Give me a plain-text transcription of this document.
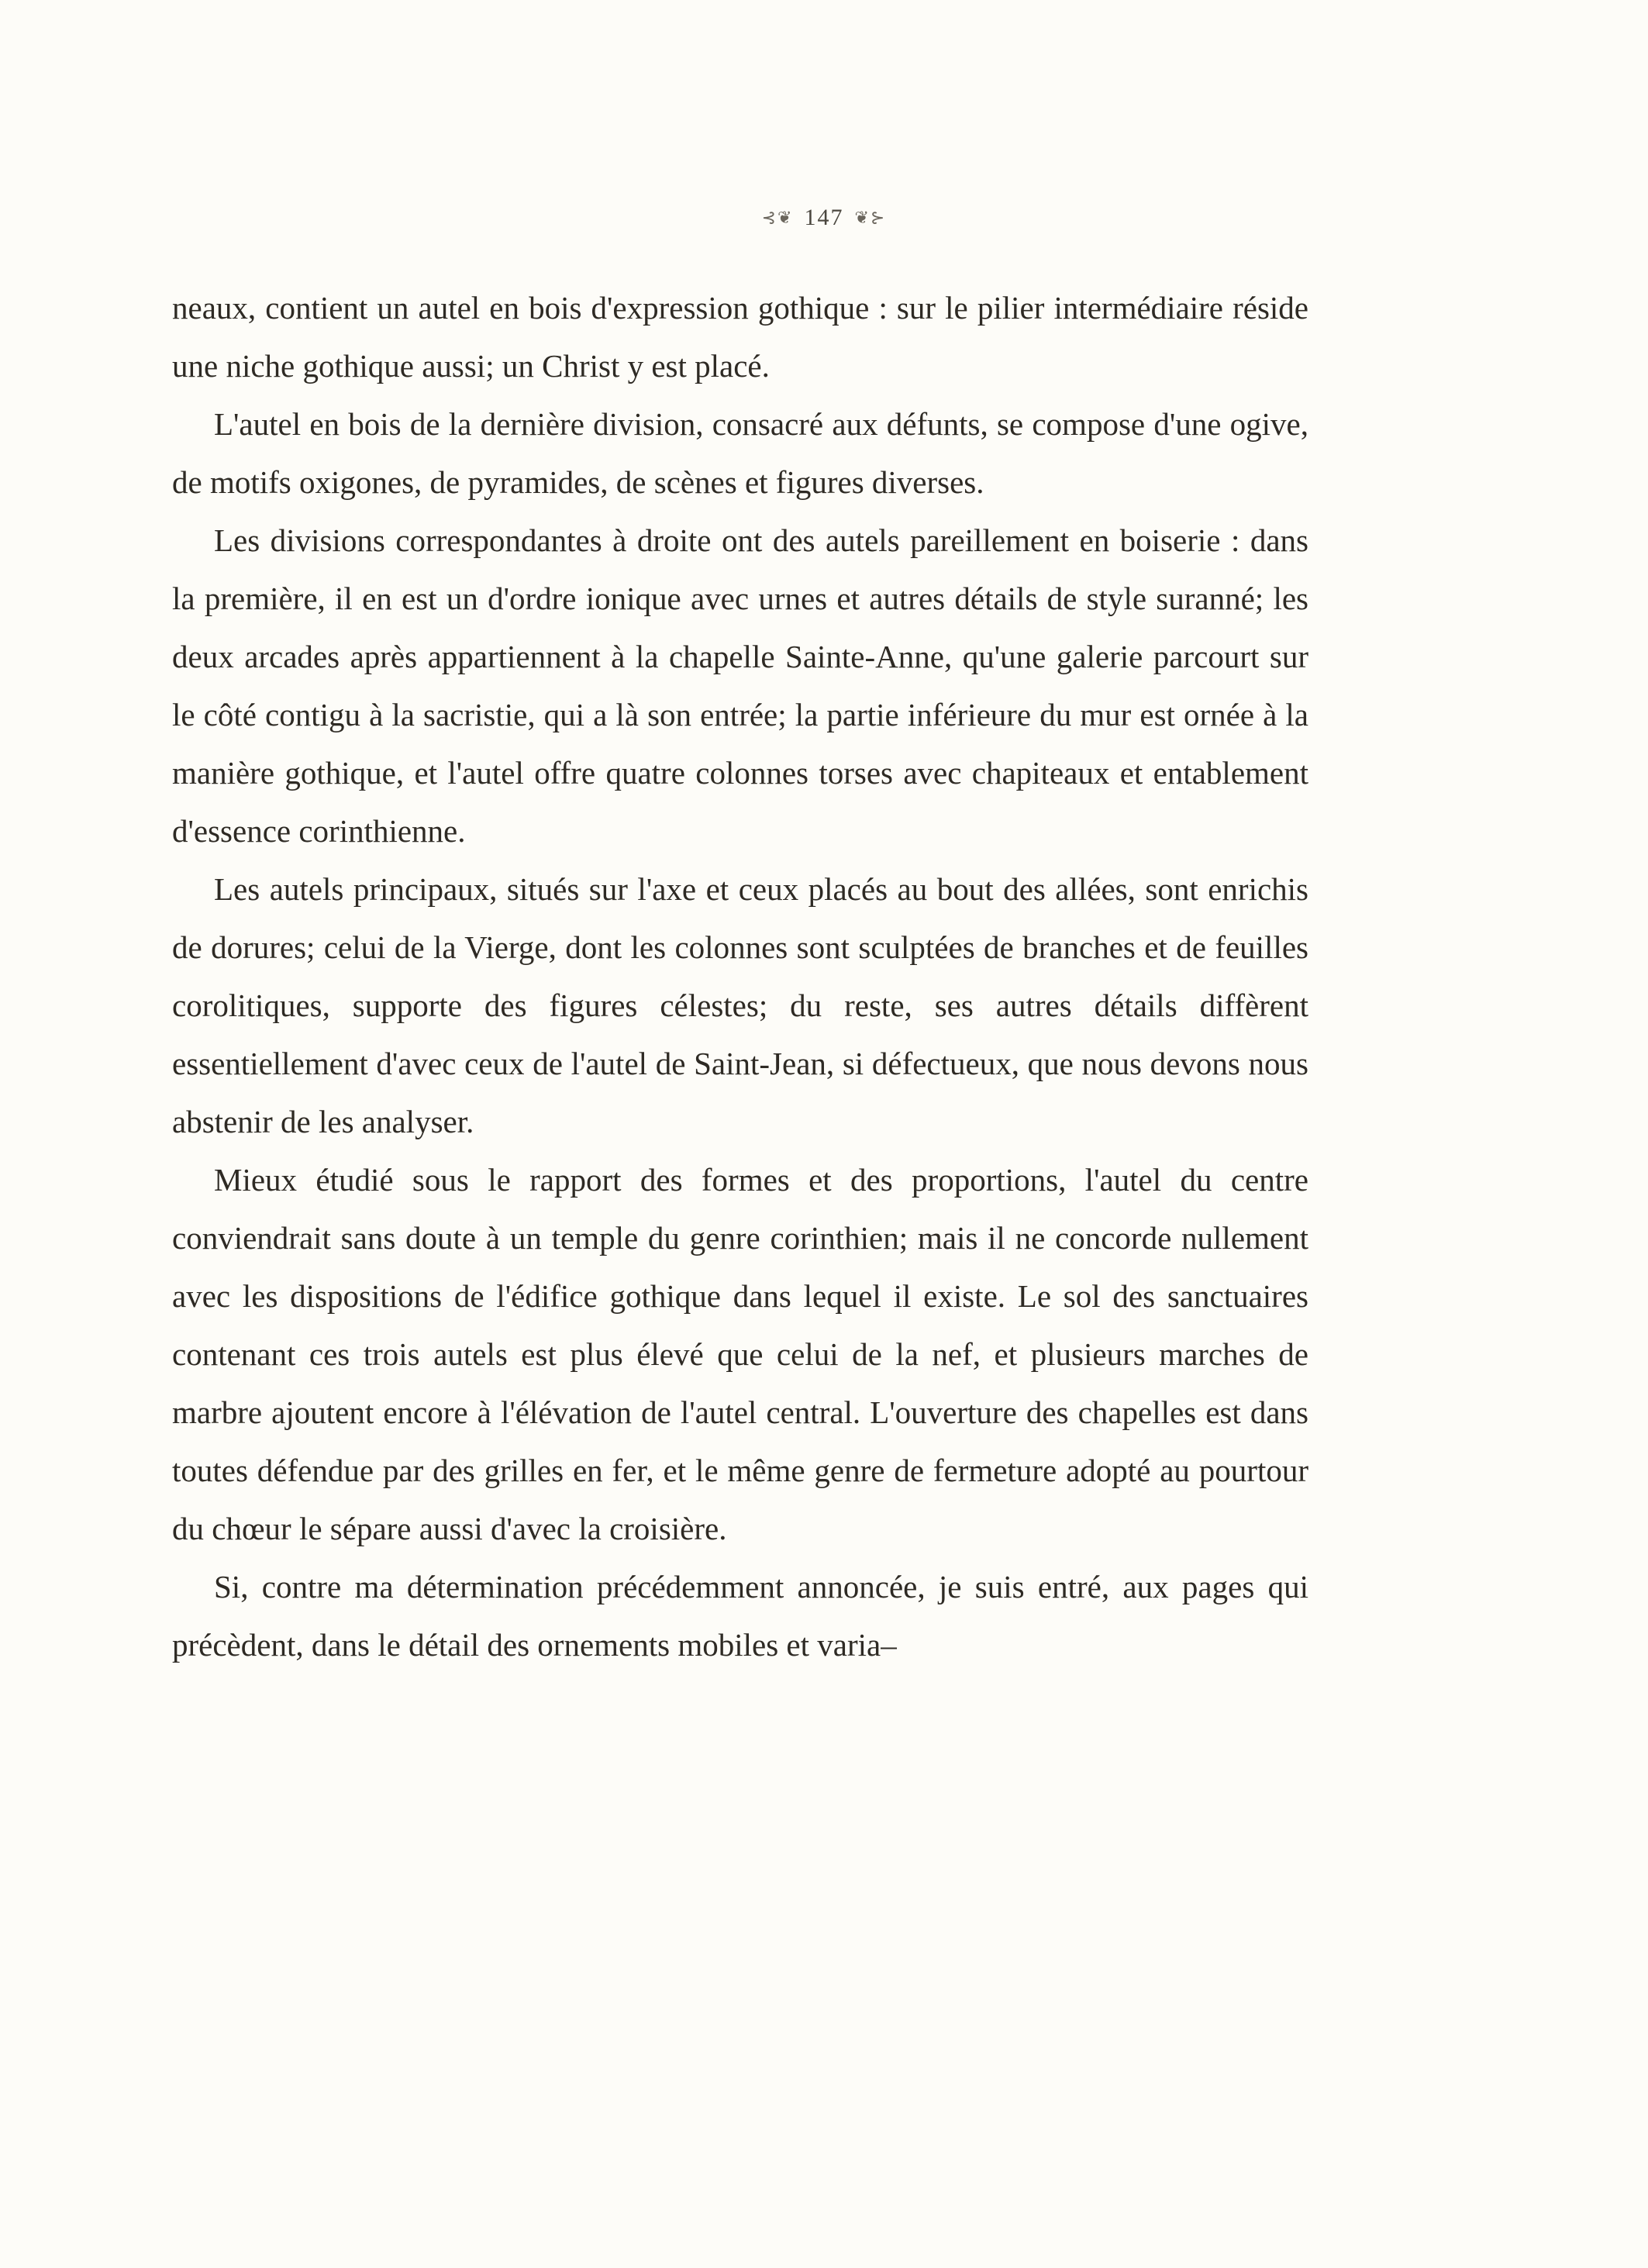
⊰❦ 147 ❦⊱

neaux, contient un autel en bois d'expression gothique : sur le pilier intermédiaire réside une niche gothique aussi; un Christ y est placé.

L'autel en bois de la dernière division, consacré aux défunts, se compose d'une ogive, de motifs oxigones, de pyramides, de scènes et figures diverses.

Les divisions correspondantes à droite ont des autels pareillement en boiserie : dans la première, il en est un d'ordre ionique avec urnes et autres détails de style suranné; les deux arcades après appartiennent à la chapelle Sainte-Anne, qu'une galerie parcourt sur le côté contigu à la sacristie, qui a là son entrée; la partie inférieure du mur est ornée à la manière gothique, et l'autel offre quatre colonnes torses avec chapiteaux et entablement d'essence corinthienne.

Les autels principaux, situés sur l'axe et ceux placés au bout des allées, sont enrichis de dorures; celui de la Vierge, dont les colonnes sont sculptées de branches et de feuilles corolitiques, supporte des figures célestes; du reste, ses autres détails diffèrent essentiellement d'avec ceux de l'autel de Saint-Jean, si défectueux, que nous devons nous abstenir de les analyser.

Mieux étudié sous le rapport des formes et des proportions, l'autel du centre conviendrait sans doute à un temple du genre corinthien; mais il ne concorde nullement avec les dispositions de l'édifice gothique dans lequel il existe. Le sol des sanctuaires contenant ces trois autels est plus élevé que celui de la nef, et plusieurs marches de marbre ajoutent encore à l'élévation de l'autel central. L'ouverture des chapelles est dans toutes défendue par des grilles en fer, et le même genre de fermeture adopté au pourtour du chœur le sépare aussi d'avec la croisière.

Si, contre ma détermination précédemment annoncée, je suis entré, aux pages qui précèdent, dans le détail des ornements mobiles et varia–
